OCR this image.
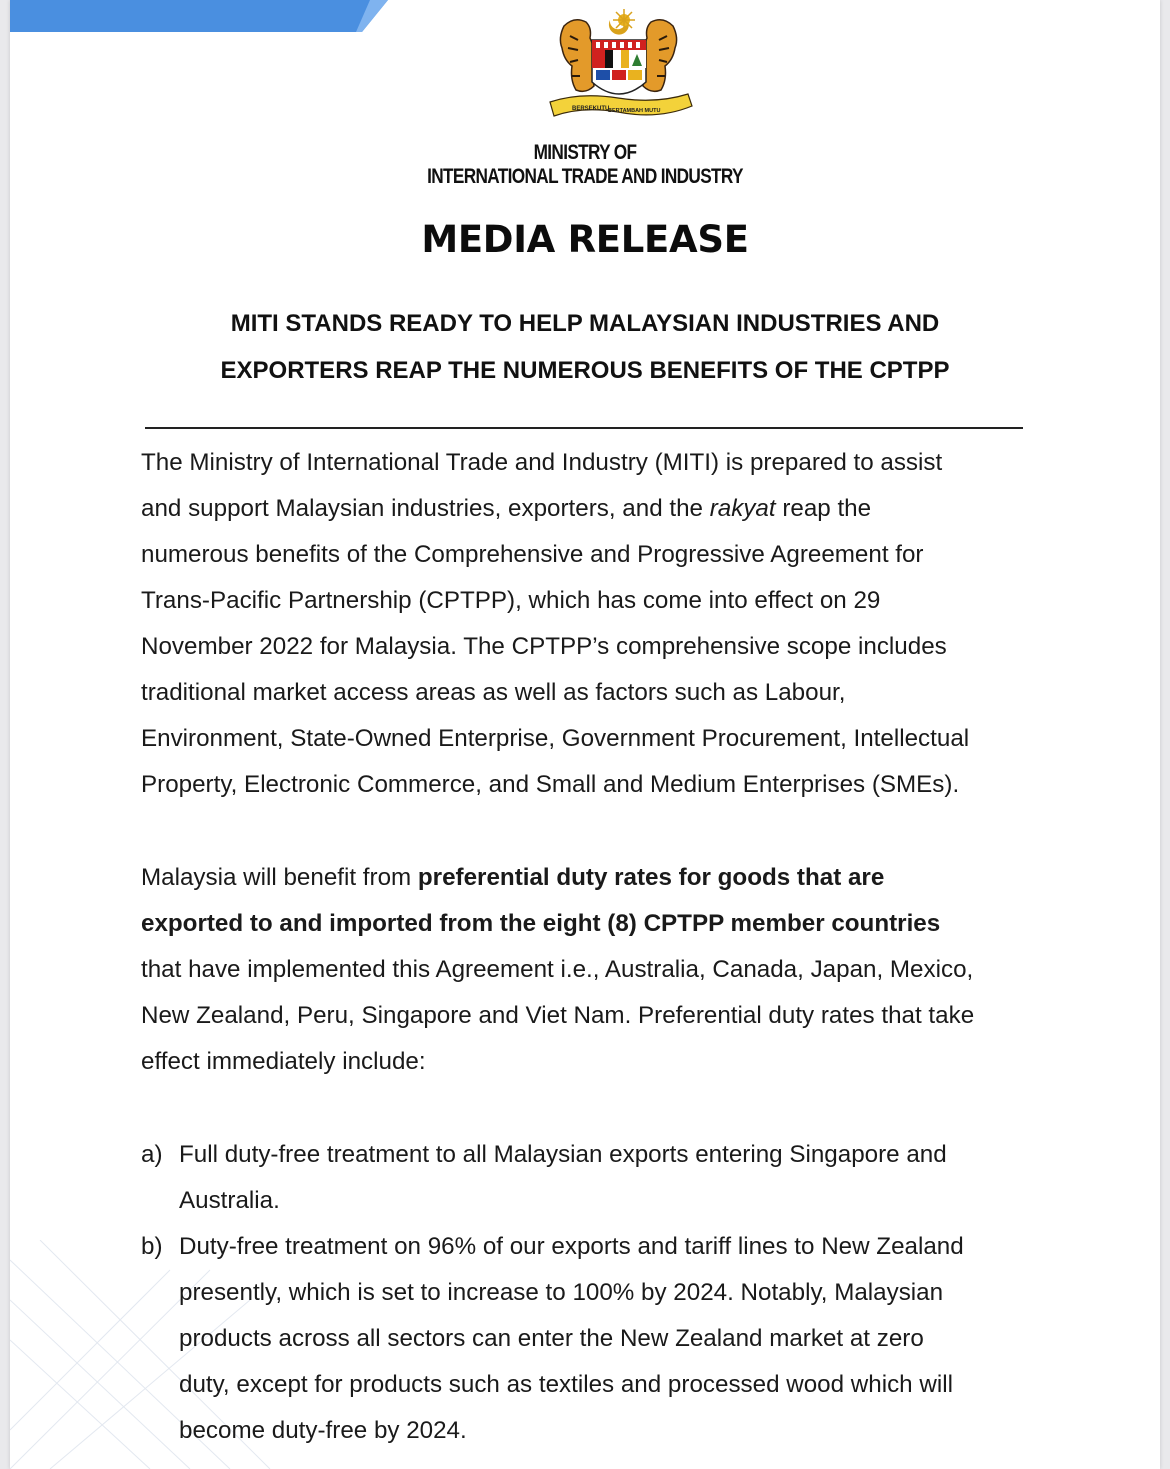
BERSEKUTU
BERTAMBAH MUTU
MINISTRY OF
INTERNATIONAL TRADE AND INDUSTRY
MEDIA RELEASE
MITI STANDS READY TO HELP MALAYSIAN INDUSTRIES AND
EXPORTERS REAP THE NUMEROUS BENEFITS OF THE CPTPP
The Ministry of International Trade and Industry (MITI) is prepared to assist
and support Malaysian industries, exporters, and the rakyat reap the
numerous benefits of the Comprehensive and Progressive Agreement for
Trans-Pacific Partnership (CPTPP), which has come into effect on 29
November 2022 for Malaysia. The CPTPP’s comprehensive scope includes
traditional market access areas as well as factors such as Labour,
Environment, State-Owned Enterprise, Government Procurement, Intellectual
Property, Electronic Commerce, and Small and Medium Enterprises (SMEs).
Malaysia will benefit from preferential duty rates for goods that are
exported to and imported from the eight (8) CPTPP member countries
that have implemented this Agreement i.e., Australia, Canada, Japan, Mexico,
New Zealand, Peru, Singapore and Viet Nam. Preferential duty rates that take
effect immediately include:
a) Full duty-free treatment to all Malaysian exports entering Singapore and
Australia.
b) Duty-free treatment on 96% of our exports and tariff lines to New Zealand
presently, which is set to increase to 100% by 2024. Notably, Malaysian
products across all sectors can enter the New Zealand market at zero
duty, except for products such as textiles and processed wood which will
become duty-free by 2024.
